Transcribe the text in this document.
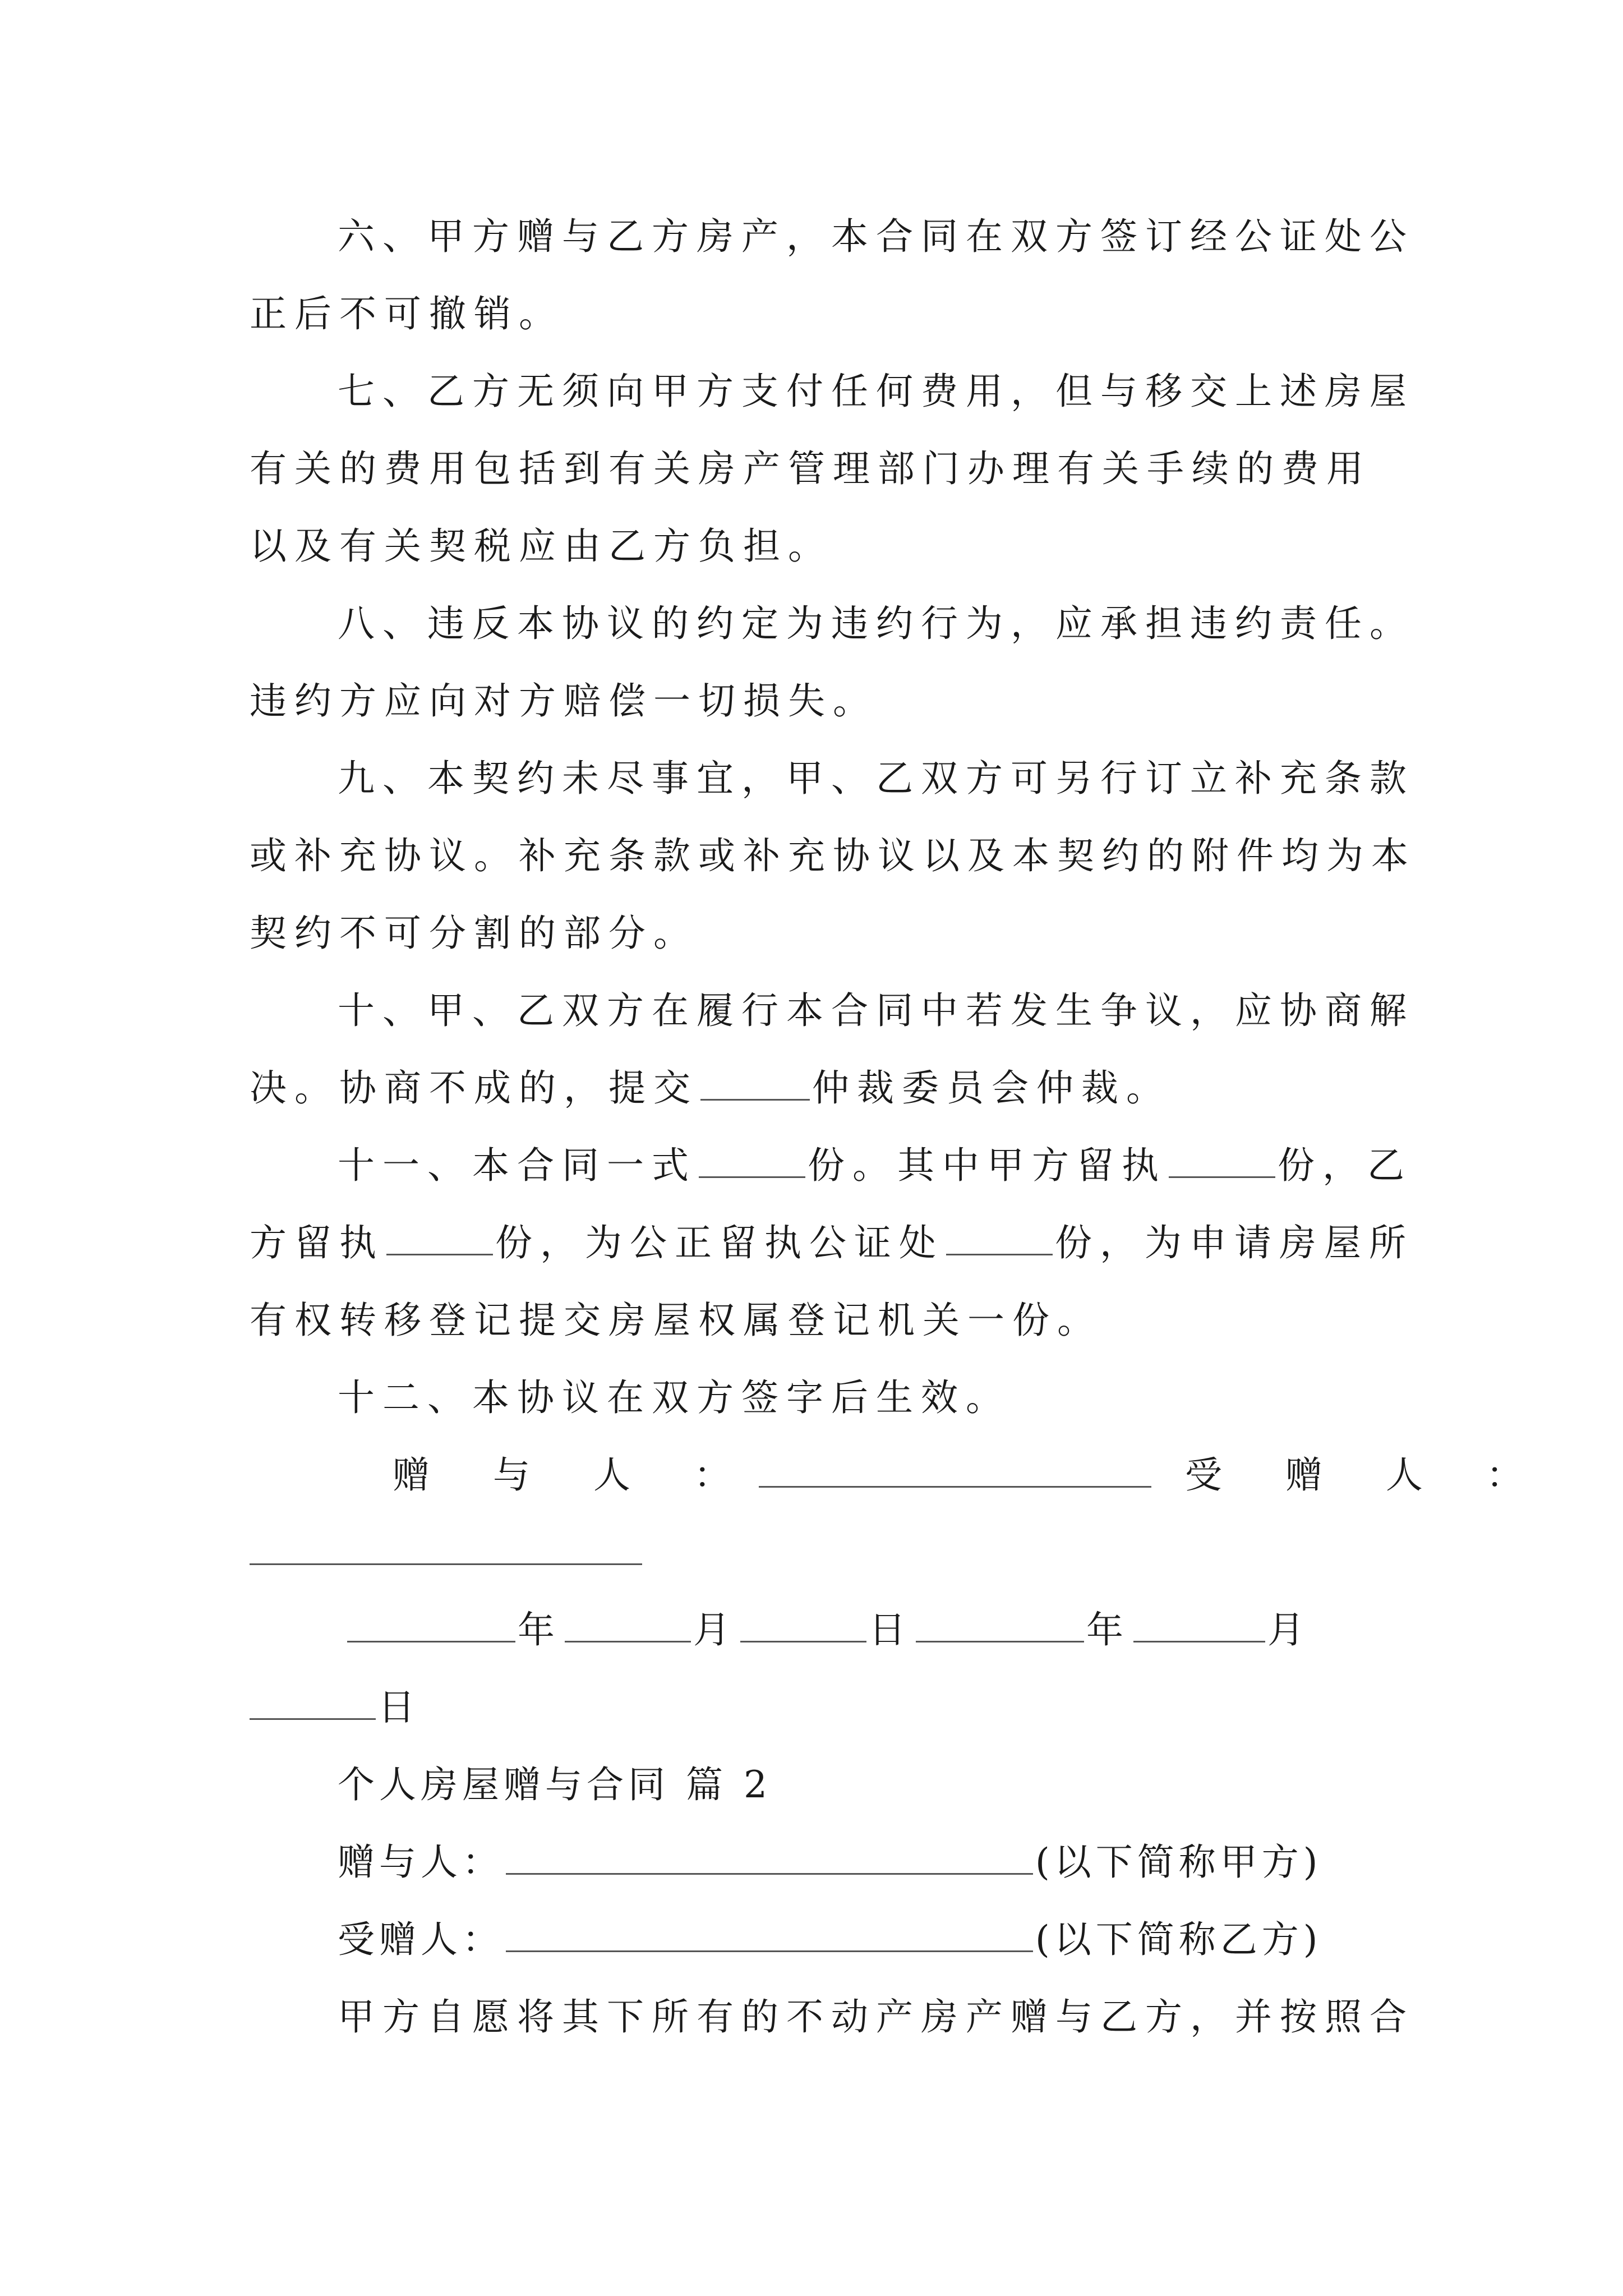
六、甲方赠与乙方房产，本合同在双方签订经公证处公
正后不可撤销。
七、乙方无须向甲方支付任何费用，但与移交上述房屋
有关的费用包括到有关房产管理部门办理有关手续的费用
以及有关契税应由乙方负担。
八、违反本协议的约定为违约行为，应承担违约责任。
违约方应向对方赔偿一切损失。
九、本契约未尽事宜，甲、乙双方可另行订立补充条款
或补充协议。补充条款或补充协议以及本契约的附件均为本
契约不可分割的部分。
十、甲、乙双方在履行本合同中若发生争议，应协商解
决。协商不成的，提交	仲裁委员会仲裁。
十一、本合同一式	份。其中甲方留执	份，乙
方留执	份，为公正留执公证处	份，为申请房屋所
有权转移登记提交房屋权属登记机关一份。
十二、本协议在双方签字后生效。
赠 与 人 ：	受 赠 人 ：
年	月	日	年	月
日
个人房屋赠与合同 篇 2
赠与人：	(以下简称甲方)
受赠人：	(以下简称乙方)
甲方自愿将其下所有的不动产房产赠与乙方，并按照合
